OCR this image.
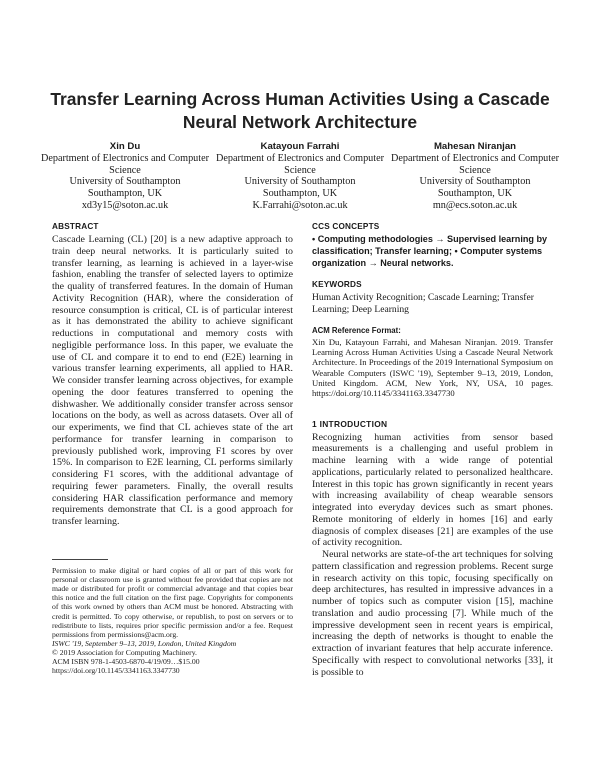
Transfer Learning Across Human Activities Using a Cascade Neural Network Architecture
Xin Du
Department of Electronics and Computer Science
University of Southampton
Southampton, UK
xd3y15@soton.ac.uk
Katayoun Farrahi
Department of Electronics and Computer Science
University of Southampton
Southampton, UK
K.Farrahi@soton.ac.uk
Mahesan Niranjan
Department of Electronics and Computer Science
University of Southampton
Southampton, UK
mn@ecs.soton.ac.uk
ABSTRACT

Cascade Learning (CL) [20] is a new adaptive approach to train deep neural networks. It is particularly suited to transfer learning, as learning is achieved in a layer-wise fashion, enabling the transfer of selected layers to optimize the quality of transferred features. In the domain of Human Activity Recognition (HAR), where the consideration of resource consumption is critical, CL is of particular interest as it has demonstrated the ability to achieve significant reductions in computational and memory costs with negligible performance loss. In this paper, we evaluate the use of CL and compare it to end to end (E2E) learning in various transfer learning experiments, all applied to HAR. We consider transfer learning across objectives, for example opening the door features transferred to opening the dishwasher. We additionally consider transfer across sensor locations on the body, as well as across datasets. Over all of our experiments, we find that CL achieves state of the art performance for transfer learning in comparison to previously published work, improving F1 scores by over 15%. In comparison to E2E learning, CL performs similarly considering F1 scores, with the additional advantage of requiring fewer parameters. Finally, the overall results considering HAR classification performance and memory requirements demonstrate that CL is a good approach for transfer learning.

Permission to make digital or hard copies of all or part of this work for personal or classroom use is granted without fee provided that copies are not made or distributed for profit or commercial advantage and that copies bear this notice and the full citation on the first page. Copyrights for components of this work owned by others than ACM must be honored. Abstracting with credit is permitted. To copy otherwise, or republish, to post on servers or to redistribute to lists, requires prior specific permission and/or a fee. Request permissions from permissions@acm.org.

ISWC '19, September 9–13, 2019, London, United Kingdom

© 2019 Association for Computing Machinery.

ACM ISBN 978-1-4503-6870-4/19/09…$15.00

https://doi.org/10.1145/3341163.3347730

CCS CONCEPTS

• Computing methodologies → Supervised learning by classification; Transfer learning; • Computer systems organization → Neural networks.

KEYWORDS

Human Activity Recognition; Cascade Learning; Transfer Learning; Deep Learning

ACM Reference Format:

Xin Du, Katayoun Farrahi, and Mahesan Niranjan. 2019. Transfer Learning Across Human Activities Using a Cascade Neural Network Architecture. In Proceedings of the 2019 International Symposium on Wearable Computers (ISWC '19), September 9–13, 2019, London, United Kingdom. ACM, New York, NY, USA, 10 pages. https://doi.org/10.1145/3341163.3347730

1 INTRODUCTION

Recognizing human activities from sensor based measurements is a challenging and useful problem in machine learning with a wide range of potential applications, particularly related to personalized healthcare. Interest in this topic has grown significantly in recent years with increasing availability of cheap wearable sensors integrated into everyday devices such as smart phones. Remote monitoring of elderly in homes [16] and early diagnosis of complex diseases [21] are examples of the use of activity recognition.

Neural networks are state-of-the art techniques for solving pattern classification and regression problems. Recent surge in research activity on this topic, focusing specifically on deep architectures, has resulted in impressive advances in a number of topics such as computer vision [15], machine translation and audio processing [7]. While much of the impressive development seen in recent years is empirical, increasing the depth of networks is thought to enable the extraction of invariant features that help accurate inference. Specifically with respect to convolutional networks [33], it is possible to
